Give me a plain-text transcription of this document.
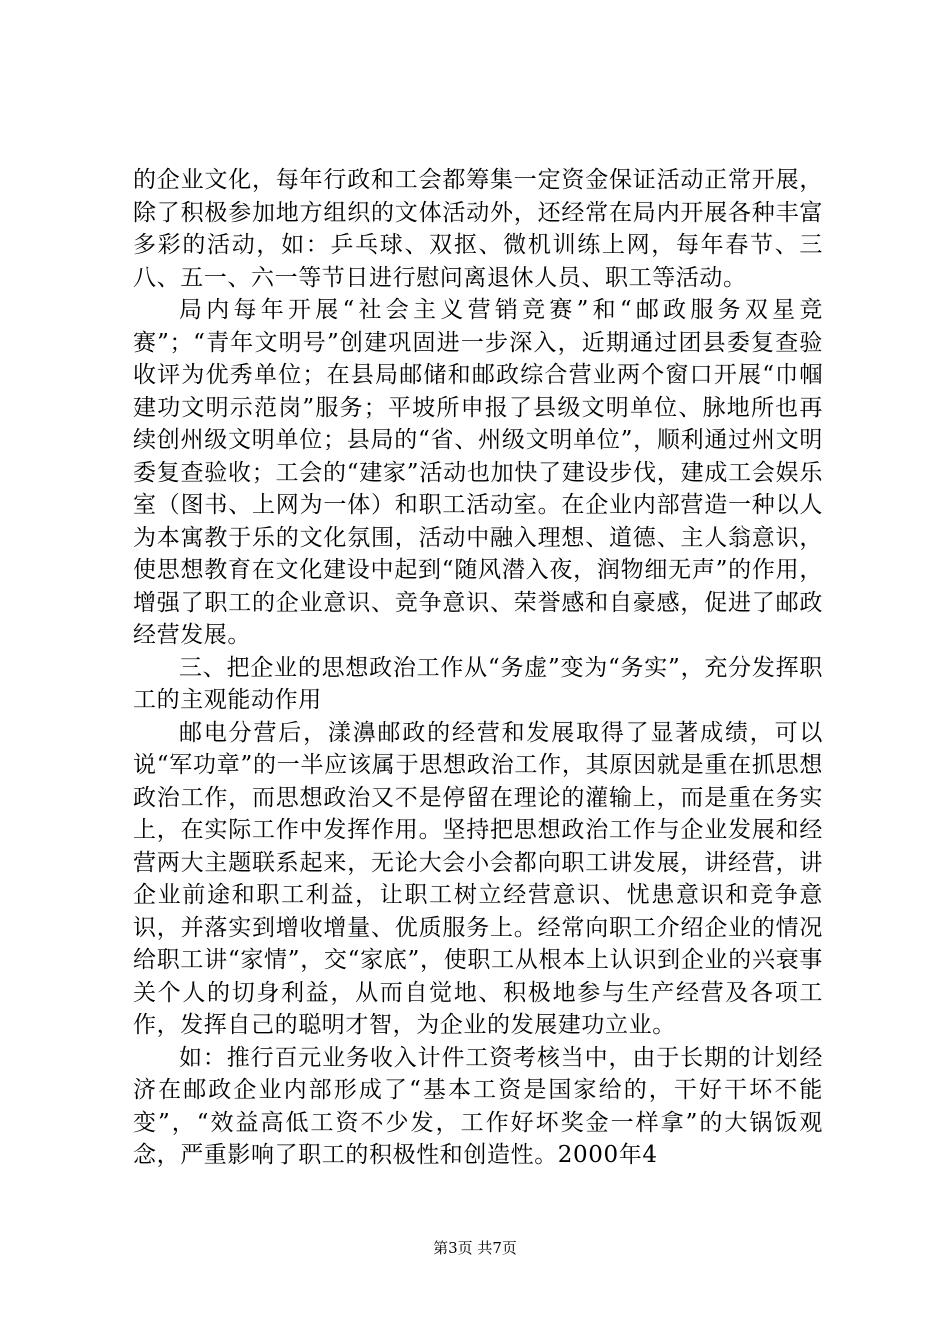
的企业文化，每年行政和工会都筹集一定资金保证活动正常开展，除了积极参加地方组织的文体活动外，还经常在局内开展各种丰富多彩的活动，如：乒乓球、双抠、微机训练上网，每年春节、三八、五一、六一等节日进行慰问离退休人员、职工等活动。

局内每年开展“社会主义营销竞赛”和“邮政服务双星竞赛”；“青年文明号”创建巩固进一步深入，近期通过团县委复查验收评为优秀单位；在县局邮储和邮政综合营业两个窗口开展“巾帼建功文明示范岗”服务；平坡所申报了县级文明单位、脉地所也再续创州级文明单位；县局的“省、州级文明单位”，顺利通过州文明委复查验收；工会的“建家”活动也加快了建设步伐，建成工会娱乐室（图书、上网为一体）和职工活动室。在企业内部营造一种以人为本寓教于乐的文化氛围，活动中融入理想、道德、主人翁意识，使思想教育在文化建设中起到“随风潜入夜，润物细无声”的作用，增强了职工的企业意识、竞争意识、荣誉感和自豪感，促进了邮政经营发展。

三、把企业的思想政治工作从“务虚”变为“务实”，充分发挥职工的主观能动作用

邮电分营后，漾濞邮政的经营和发展取得了显著成绩，可以说“军功章”的一半应该属于思想政治工作，其原因就是重在抓思想政治工作，而思想政治又不是停留在理论的灌输上，而是重在务实上，在实际工作中发挥作用。坚持把思想政治工作与企业发展和经营两大主题联系起来，无论大会小会都向职工讲发展，讲经营，讲企业前途和职工利益，让职工树立经营意识、忧患意识和竞争意识，并落实到增收增量、优质服务上。经常向职工介绍企业的情况给职工讲“家情”，交“家底”，使职工从根本上认识到企业的兴衰事关个人的切身利益，从而自觉地、积极地参与生产经营及各项工作，发挥自己的聪明才智，为企业的发展建功立业。

如：推行百元业务收入计件工资考核当中，由于长期的计划经济在邮政企业内部形成了“基本工资是国家给的，干好干坏不能变”，“效益高低工资不少发，工作好坏奖金一样拿”的大锅饭观念，严重影响了职工的积极性和创造性。2000年4

第3页 共7页
